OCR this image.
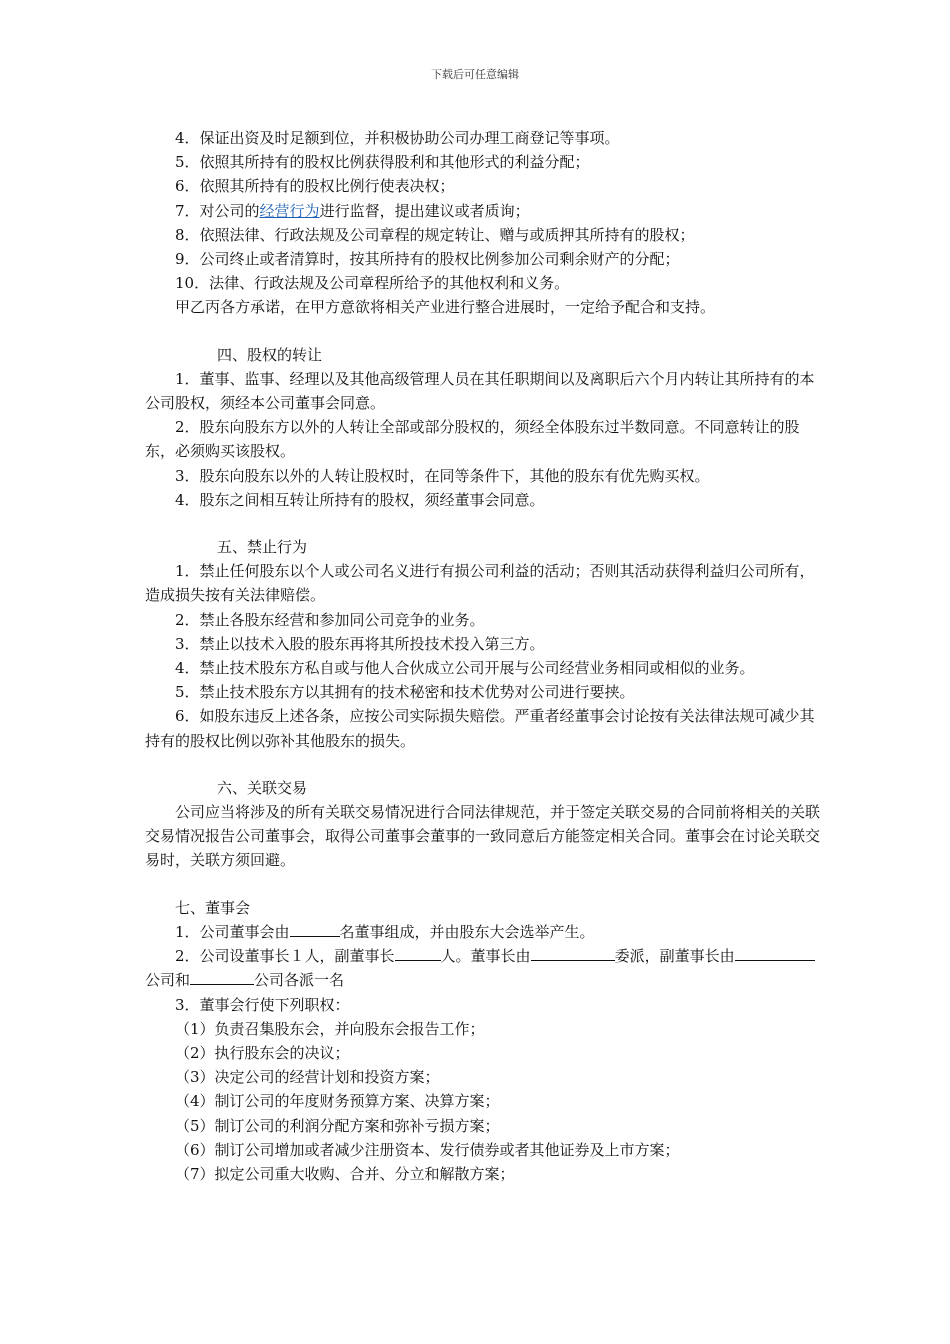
下载后可任意编辑

4．保证出资及时足额到位，并积极协助公司办理工商登记等事项。

5．依照其所持有的股权比例获得股利和其他形式的利益分配；

6．依照其所持有的股权比例行使表决权；

7．对公司的经营行为进行监督，提出建议或者质询；

8．依照法律、行政法规及公司章程的规定转让、赠与或质押其所持有的股权；

9．公司终止或者清算时，按其所持有的股权比例参加公司剩余财产的分配；

10．法律、行政法规及公司章程所给予的其他权利和义务。

甲乙丙各方承诺，在甲方意欲将相关产业进行整合进展时，一定给予配合和支持。

四、股权的转让

1．董事、监事、经理以及其他高级管理人员在其任职期间以及离职后六个月内转让其所持有的本公司股权，须经本公司董事会同意。

2．股东向股东方以外的人转让全部或部分股权的，须经全体股东过半数同意。不同意转让的股东，必须购买该股权。

3．股东向股东以外的人转让股权时，在同等条件下，其他的股东有优先购买权。

4．股东之间相互转让所持有的股权，须经董事会同意。

五、禁止行为

1．禁止任何股东以个人或公司名义进行有损公司利益的活动；否则其活动获得利益归公司所有，造成损失按有关法律赔偿。

2．禁止各股东经营和参加同公司竞争的业务。

3．禁止以技术入股的股东再将其所投技术投入第三方。

4．禁止技术股东方私自或与他人合伙成立公司开展与公司经营业务相同或相似的业务。

5．禁止技术股东方以其拥有的技术秘密和技术优势对公司进行要挟。

6．如股东违反上述各条，应按公司实际损失赔偿。严重者经董事会讨论按有关法律法规可减少其持有的股权比例以弥补其他股东的损失。

六、关联交易

公司应当将涉及的所有关联交易情况进行合同法律规范，并于签定关联交易的合同前将相关的关联交易情况报告公司董事会，取得公司董事会董事的一致同意后方能签定相关合同。董事会在讨论关联交易时，关联方须回避。

七、董事会

1．公司董事会由	名董事组成，并由股东大会选举产生。

2．公司设董事长１人，副董事长	人。董事长由	委派，副董事长由公司和	公司各派一名

3．董事会行使下列职权：

（1）负责召集股东会，并向股东会报告工作；

（2）执行股东会的决议；

（3）决定公司的经营计划和投资方案；

（4）制订公司的年度财务预算方案、决算方案；

（5）制订公司的利润分配方案和弥补亏损方案；

（6）制订公司增加或者减少注册资本、发行债券或者其他证券及上市方案；

（7）拟定公司重大收购、合并、分立和解散方案；
